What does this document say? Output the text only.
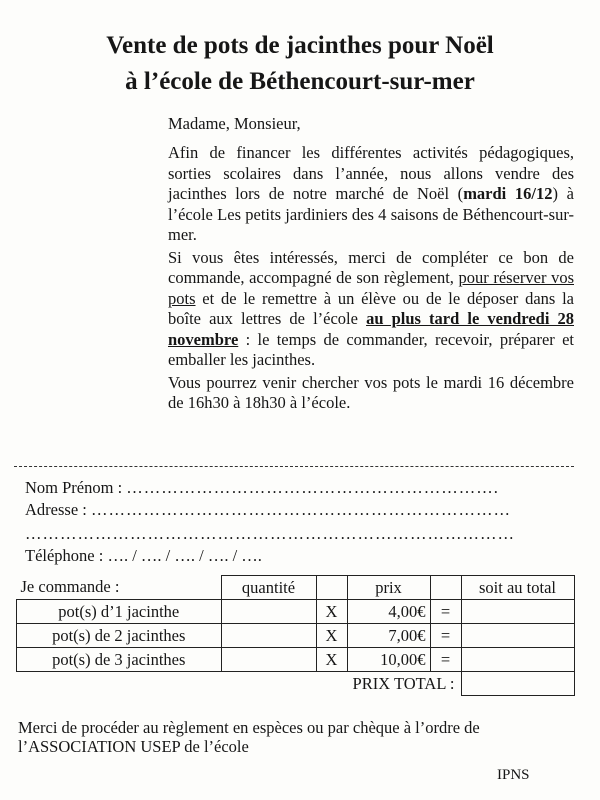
Vente de pots de jacinthes pour Noël
à l’école de Béthencourt-sur-mer
Madame, Monsieur,

Afin de financer les différentes activités pédagogiques, sorties scolaires dans l’année, nous allons vendre des jacinthes lors de notre marché de Noël (mardi 16/12) à l’école Les petits jardiniers des 4 saisons de Béthencourt-sur-mer.

Si vous êtes intéressés, merci de compléter ce bon de commande, accompagné de son règlement, pour réserver vos pots et de le remettre à un élève ou de le déposer dans la boîte aux lettres de l’école au plus tard le vendredi 28 novembre : le temps de commander, recevoir, préparer et emballer les jacinthes.

Vous pourrez venir chercher vos pots le mardi 16 décembre de 16h30 à 18h30 à l’école.

Nom Prénom : ……………………………………………………….
Adresse : ………………………………………………………………
…………………………………………………………………………
Téléphone : …. / …. / …. / …. / ….
Je commande :	quantité		prix		soit au total
pot(s) d’1 jacinthe		X	4,00€	=	
pot(s) de 2 jacinthes		X	7,00€	=	
pot(s) de 3 jacinthes		X	10,00€	=	
	PRIX TOTAL :				
Merci de procéder au règlement en espèces ou par chèque à l’ordre de l’ASSOCIATION USEP de l’école
IPNS
